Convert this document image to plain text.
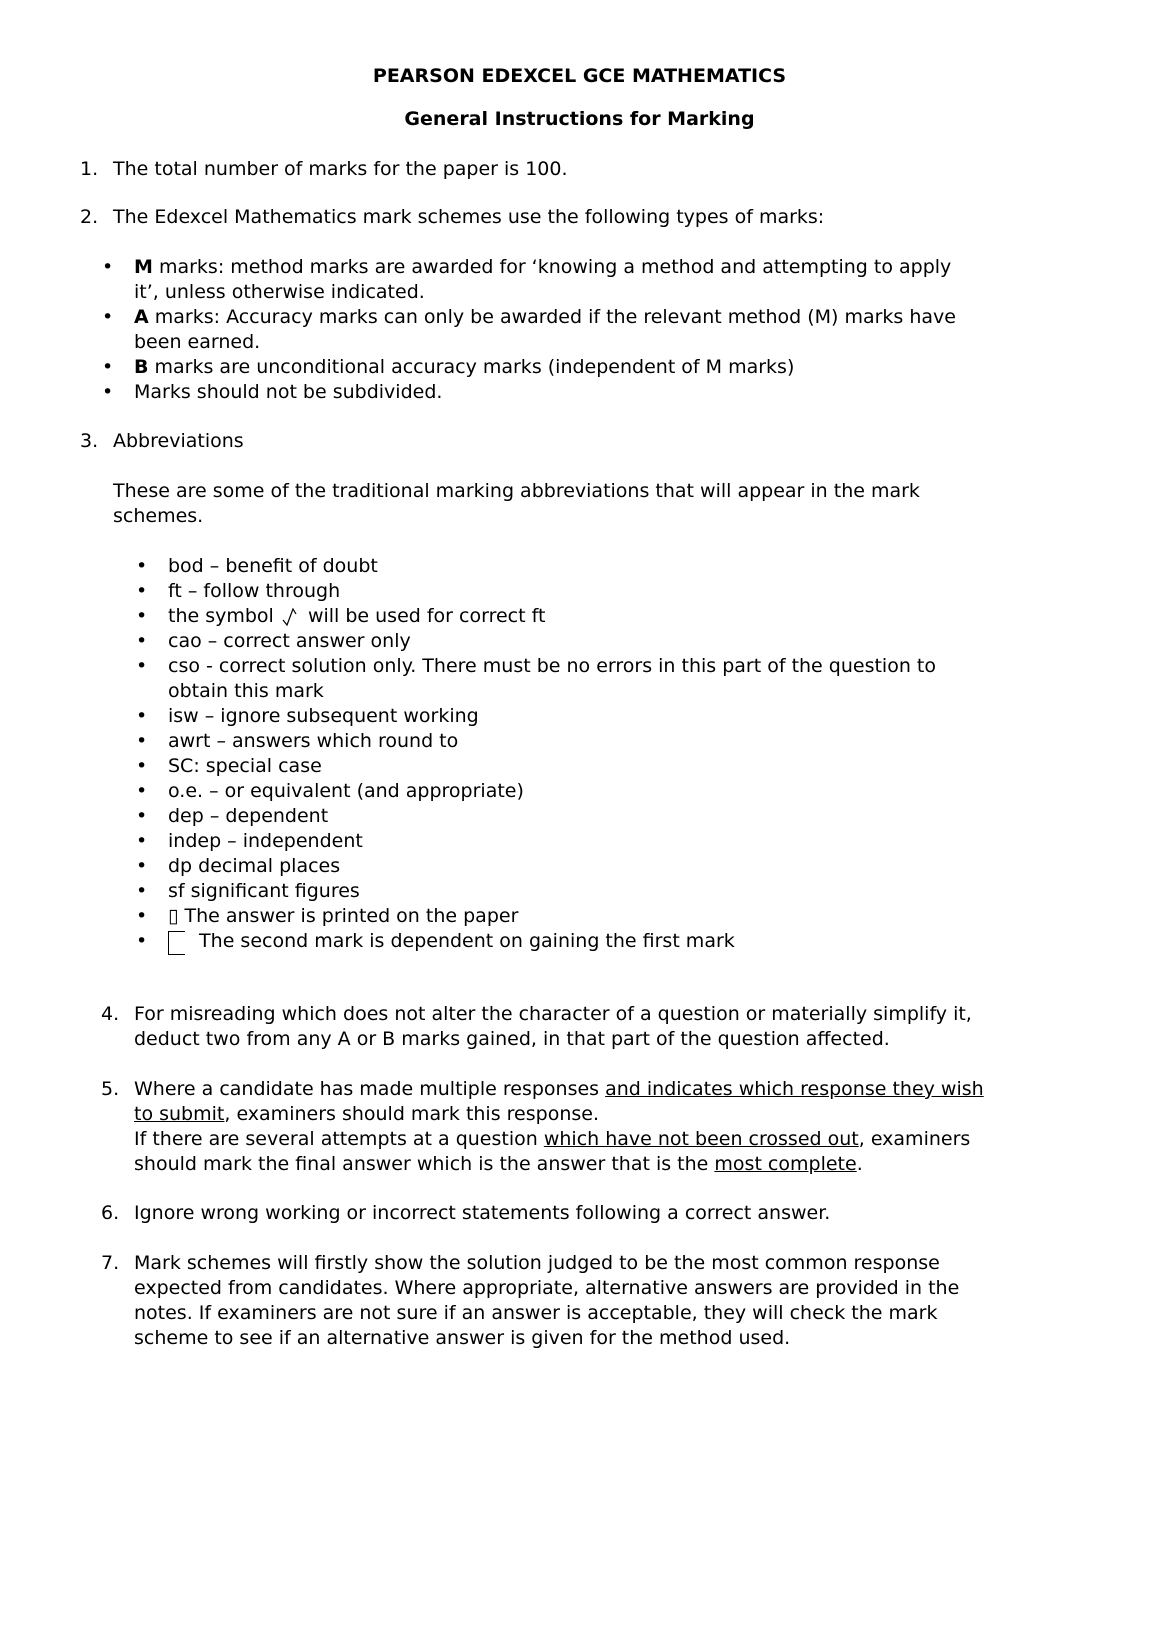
PEARSON EDEXCEL GCE MATHEMATICS
General Instructions for Marking
1. The total number of marks for the paper is 100.
2. The Edexcel Mathematics mark schemes use the following types of marks:
• M marks: method marks are awarded for ‘knowing a method and attempting to apply
it’, unless otherwise indicated.
• A marks: Accuracy marks can only be awarded if the relevant method (M) marks have
been earned.
• B marks are unconditional accuracy marks (independent of M marks)
• Marks should not be subdivided.
3. Abbreviations
These are some of the traditional marking abbreviations that will appear in the mark
schemes.
• bod – benefit of doubt
• ft – follow through
• the symbol will be used for correct ft
• cao – correct answer only
• cso - correct solution only. There must be no errors in this part of the question to
obtain this mark
• isw – ignore subsequent working
• awrt – answers which round to
• SC: special case
• o.e. – or equivalent (and appropriate)
• dep – dependent
• indep – independent
• dp decimal places
• sf significant figures
• ▯ The answer is printed on the paper
•	The second mark is dependent on gaining the first mark
4. For misreading which does not alter the character of a question or materially simplify it,
deduct two from any A or B marks gained, in that part of the question affected.
5. Where a candidate has made multiple responses and indicates which response they wish
to submit, examiners should mark this response.
If there are several attempts at a question which have not been crossed out, examiners
should mark the final answer which is the answer that is the most complete.
6. Ignore wrong working or incorrect statements following a correct answer.
7. Mark schemes will firstly show the solution judged to be the most common response
expected from candidates. Where appropriate, alternative answers are provided in the
notes. If examiners are not sure if an answer is acceptable, they will check the mark
scheme to see if an alternative answer is given for the method used.
